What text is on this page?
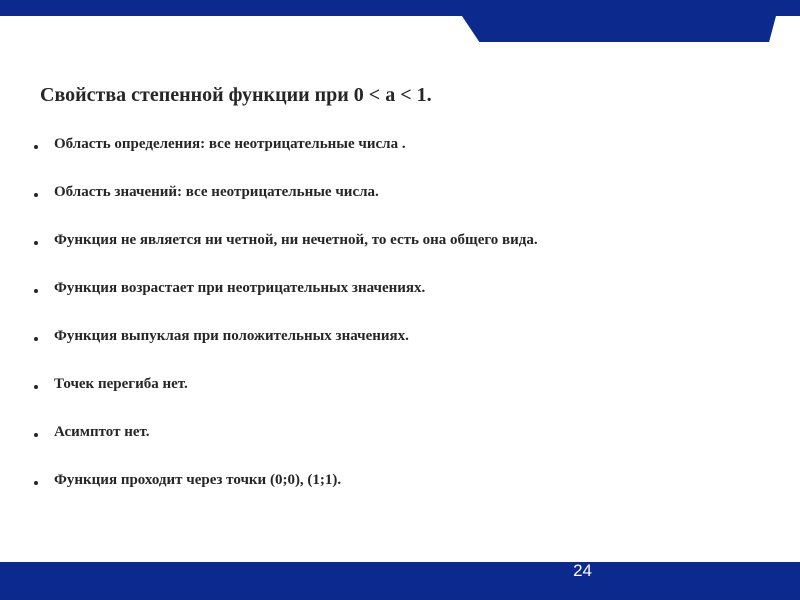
Свойства степенной функции при 0 < a < 1.
Область определения: все неотрицательные числа .
Область значений: все неотрицательные числа.
Функция не является ни четной, ни нечетной, то есть она общего вида.
Функция возрастает при неотрицательных значениях.
Функция выпуклая при положительных значениях.
Точек перегиба нет.
Асимптот нет.
Функция проходит через точки (0;0), (1;1).
24
